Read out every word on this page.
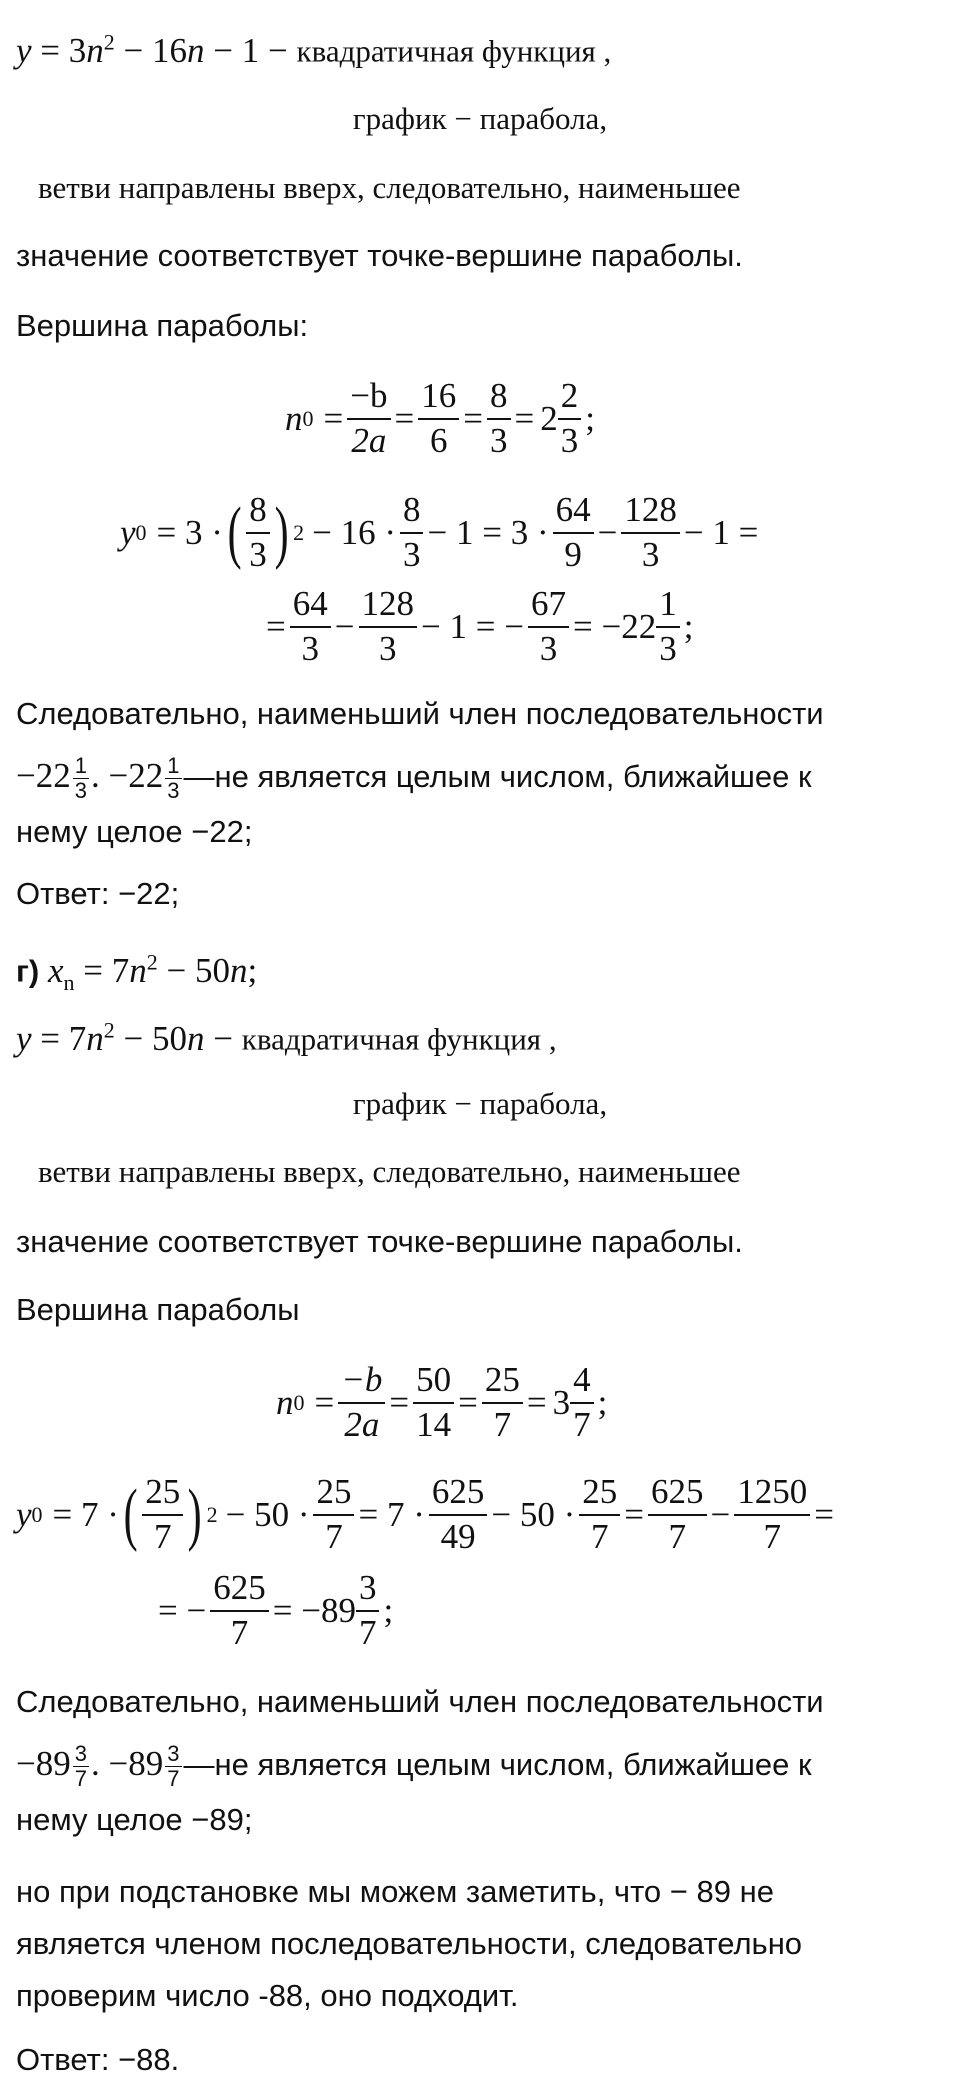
$y = 3n^2 - 16n - 1$ − квадратичная функция ,
график − парабола,
ветви направлены вверх, следовательно, наименьшее
значение соответствует точке-вершине параболы.
Вершина параболы:
n $0 = \frac{-b}{2a} = \frac{16}{6} = \frac{8}{3} = 2 \frac{2}{3}$ ;
y 0 = 3 · ( $\frac{8}{3}$ ) $2 - 16 \cdot \frac{8}{3} - 1 = 3 \cdot \frac{64}{9} - \frac{128}{3} - 1$ =
= $\frac{64}{3} - \frac{128}{3} - 1$ = − $\frac{67}{3} = -22 \frac{1}{3}$ ;
Следовательно, наименьший член последовательности
$-22 \frac{1}{3}$ . $-22 \frac{1}{3}$ —не является целым числом, ближайшее к
нему целое −22;
Ответ: −22;
г) $x_n = 7n^2 - 50n$;
$y = 7n^2 - 50n$ − квадратичная функция ,
график − парабола,
ветви направлены вверх, следовательно, наименьшее
значение соответствует точке-вершине параболы.
Вершина параболы
n $0 = \frac{-b}{2a} = \frac{50}{14} = \frac{25}{7} = 3 \frac{4}{7}$ ;
y 0 = 7 · ( $\frac{25}{7}$ ) $2 - 50 \cdot \frac{25}{7} = 7 \cdot \frac{625}{49} - 50 \cdot \frac{25}{7} = \frac{625}{7} - \frac{1250}{7}$ =
= − $\frac{625}{7} = -89 \frac{3}{7}$ ;
Следовательно, наименьший член последовательности
$-89 \frac{3}{7}$ . $-89 \frac{3}{7}$ —не является целым числом, ближайшее к
нему целое −89;
но при подстановке мы можем заметить, что − 89 не
является членом последовательности, следовательно
проверим число -88, оно подходит.
Ответ: −88.
